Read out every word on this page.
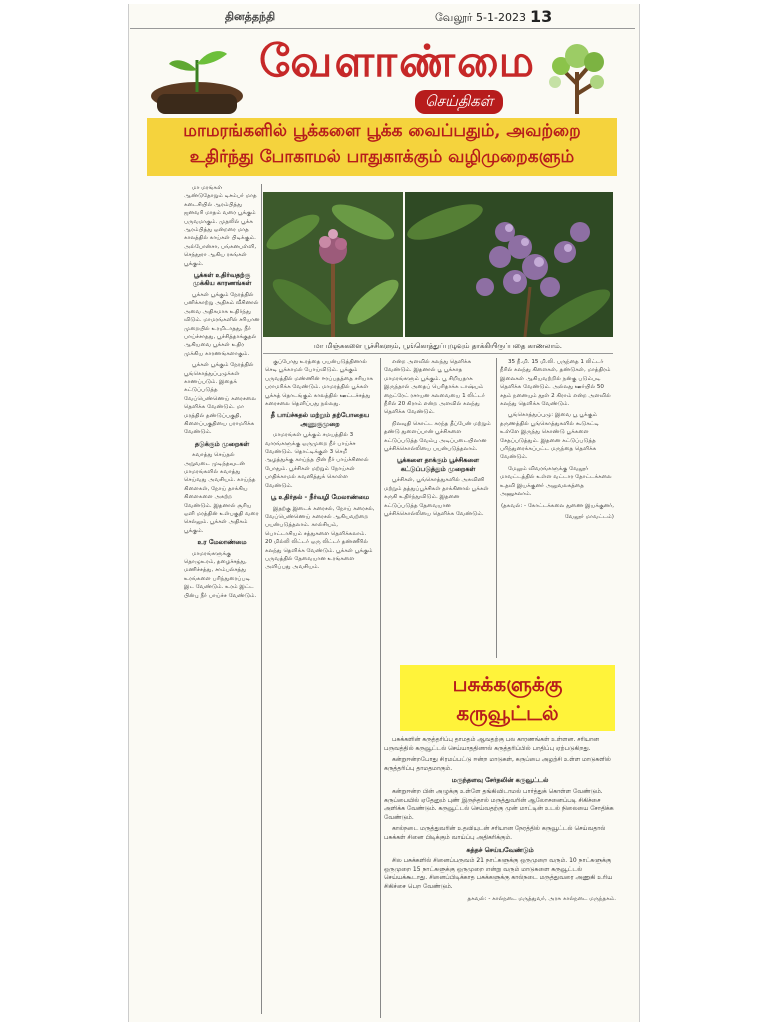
தினத்தந்தி	வேலூர் 5-1-2023 13
வேளாண்மை
செய்திகள்
மாமரங்களில் பூக்களை பூக்க வைப்பதும், அவற்றை
உதிர்ந்து போகாமல் பாதுகாக்கும் வழிமுறைகளும்

மா மரங்கள் ஆண்டுதோறும் டிசம்பர் மாத கடைசியில் ஆரம்பித்து ஜனவரி மாதம் வரை பூக்கும் பருவமாகும். முதலில் பூக்க ஆரம்பித்து ஒன்றரை மாத காலத்தில் காய்கள் பிடிக்கும். அல்போன்சா, பங்கனபள்ளி, செந்தூரா ஆகிய ரகங்கள் பூக்கும்.

பூக்கள் உதிர்வதற்கு முக்கிய காரணங்கள்

பூக்கள் பூக்கும் நேரத்தில் பனிக்காற்று அதிகம் வீசினால் அவை அதிகமாக உதிர்ந்து விடும். மாமரங்களில் சரியான முறையில் உரமிடாதது, நீர் பாய்ச்சாதது, பூச்சித்தாக்குதல் ஆகியவை பூக்கள் உதிர முக்கிய காரணங்களாகும்.

பூக்கள் பூக்கும் நேரத்தில் பூங்கொத்துப்புழுக்கள் காணப்படும். இதைக் கட்டுப்படுத்த வேப்பெண்ணெய் கரைசலை தெளிக்க வேண்டும். மா மரத்தில் தண்டுப்பகுதி, கிளைப்பகுதியை பராமரிக்க வேண்டும்.

தடுக்கும் முறைகள்

கவாத்து செய்தல் அறுவடை முடிந்தவுடன் மாமரங்களில் கவாத்து செய்வது அவசியம். காய்ந்த கிளைகள், நோய் தாக்கிய கிளைகளை அகற்ற வேண்டும். இதனால் சூரிய ஒளி மரத்தின் உள்பகுதி வரை செல்லும். பூக்கள் அதிகம் பூக்கும்.

உர மேலாண்மை

மாமரங்களுக்கு தொழுஉரம், தழைச்சத்து, மணிச்சத்து, சாம்பல்சத்து உரங்களை பரிந்துரைப்படி இட வேண்டும். உரம் இட்ட பின்பு நீர் பாய்ச்ச வேண்டும்.

மா மிஞ்சுகளை பூச்சிகளும், பூங்கொத்துப்புழுவும் தாக்கியிருப்பதை காணலாம்.

குப்போது உரத்தை பயன்படுத்தினால் செடி பூக்காமல் போய்விடும். பூக்கும் பருவத்தில் மண்ணின் ஈரப்பதத்தை சரியாக பராமரிக்க வேண்டும். மாமரத்தில் பூக்கள் பூக்கத் தொடங்கும் காலத்தில் ஊட்டச்சத்து கரைசலை தெளிப்பது நல்லது.

தீ பாய்ச்சுதல் மற்றும் தற்போதைய அணுகுமுறை

மாமரங்கள் பூக்கும் சமயத்தில் 3 வாரங்களுக்கு ஒருமுறை நீர் பாய்ச்ச வேண்டும். தொட்டிக்குள் 3 செமீ ஆழத்துக்கு காய்ந்த பின் நீர் பாய்ச்சினால் போதும். பூச்சிகள் மற்றும் நோய்கள் பாதிக்காமல் கவனித்துக் கொள்ள வேண்டும்.

பூ உதிர்தல் - நீர்வழி மேலாண்மை

இதற்கு இடைக் கரைசல், நோய் கரைசல், வேப்பெண்ணெய் கரைசல் ஆகியவற்றை பயன்படுத்தலாம். கால்சியம், பொட்டாசியம் சத்துகளை தெளிக்கலாம். 20 மில்லி லிட்டர் ஒரு லிட்டர் தண்ணீரில் கலந்து தெளிக்க வேண்டும். பூக்கள் பூக்கும் பருவத்தில் தேவையான உரங்களை அளிப்பது அவசியம்.

என்ற அளவில் கலந்து தெளிக்க வேண்டும். இதனால் பூ பூக்காத மாமரங்களும் பூக்கும். பூ சிறியதாக இருந்தால் அதைப் பெரிதாக்க டாஷ்யம் நைட்ரேட் ரசாயன கலவையை 1 லிட்டர் நீரில் 20 கிராம் என்ற அளவில் கலந்து தெளிக்க வேண்டும்.

நிலவுதி கொட்ட சுரந்த தீப்பேன் மற்றும் தண்டு துளைப்பான் பூச்சிகளை கட்டுப்படுத்த வேம்பு அடிப்படையிலான பூச்சிக்கொல்லியை பயன்படுத்தலாம்.

பூக்களை தாக்கும் பூச்சிகளை கட்டுப்படுத்தும் முறைகள்

பூச்சிகள், பூங்கொத்துகளில் அசுவினி மற்றும் தத்துப்பூச்சிகள் தாக்கினால் பூக்கள் கருகி உதிர்ந்துவிடும். இதனை கட்டுப்படுத்த தேவையான பூச்சிக்கொல்லியை தெளிக்க வேண்டும்.

35 நீ.மி. 15 மி.லி. பருந்தை 1 லிட்டர் நீரில் கலந்து கிளைகள், தண்டுகள், மாத்திரம் இலைகள் ஆகியவற்றில் நன்கு படும்படி தெளிக்க வேண்டும். அல்லது ஊர்யில் 50 சதம் நனையும் தூள் 2 கிராம் என்ற அளவில் கலந்து தெளிக்க வேண்டும்.

பூங்கொத்துப்புழு: இவை பூ பூக்கும் தருணத்தில் பூங்கொத்துகளில் கூடுகட்டி உள்ளே இருந்து கொண்டு பூக்களை சேதப்படுத்தும். இதனை கட்டுப்படுத்த பரிந்துரைக்கப்பட்ட மருந்தை தெளிக்க வேண்டும்.

மேலும் விவரங்களுக்கு வேலூர் மாவட்டத்தில் உள்ள வட்டார தோட்டக்கலை உதவி இயக்குனர் அலுவலகத்தை அணுகலாம்.

(தகவல்: - கோட்டக்கலை துணை இயக்குனர்,
வேலூர் மாவட்டம்)
பசுக்களுக்கு
கருவூட்டல்

பசுக்களின் கருத்தரிப்பு தாமதம் ஆவதற்கு பல காரணங்கள் உள்ளன. சரியான பருவத்தில் கருவூட்டல் செய்யாததினால் கருத்தரிப்பில் பாதிப்பு ஏற்படுகிறது.

கன்றுஈன்றபோது சிரமப்பட்டு ஈன்ற மாடுகள், கருப்பை அழற்சி உள்ள மாடுகளில் கருத்தரிப்பு தாமதமாகும்.

மருந்தளவு சேர்தலின் கருவூட்டல்

கன்றுஈன்ற பின் அழுக்கு உள்ளே தங்கிவிடாமல் பார்த்துக் கொள்ள வேண்டும். கருப்பையில் ஏதேனும் புண் இருந்தால் மருத்துவரின் ஆலோசனைப்படி சிகிச்சை அளிக்க வேண்டும். கருவூட்டல் செய்வதற்கு முன் மாட்டின் உடல் நிலையை சோதிக்க வேண்டும்.

கால்நடை மருத்துவரின் உதவியுடன் சரியான நேரத்தில் கருவூட்டல் செய்வதால் பசுக்கள் சினை பிடிக்கும் வாய்ப்பு அதிகரிக்கும்.

சுத்தச் செய்யவேண்டும்

சில பசுக்களில் சினைப்பருவம் 21 நாட்களுக்கு ஒருமுறை வரும். 10 நாட்களுக்கு ஒருமுறை 15 நாட்களுக்கு ஒருமுறை என்று வரும் மாடுகளை கருவூட்டல் செய்யக்கூடாது. சினைப்பிடிக்காத பசுக்களுக்கு கால்நடை மருத்துவரை அணுகி உரிய சிகிச்சை பெற வேண்டும்.

தகவல்: - கால்நடை மருத்துவர், அரசு கால்நடை மருந்தகம்.
